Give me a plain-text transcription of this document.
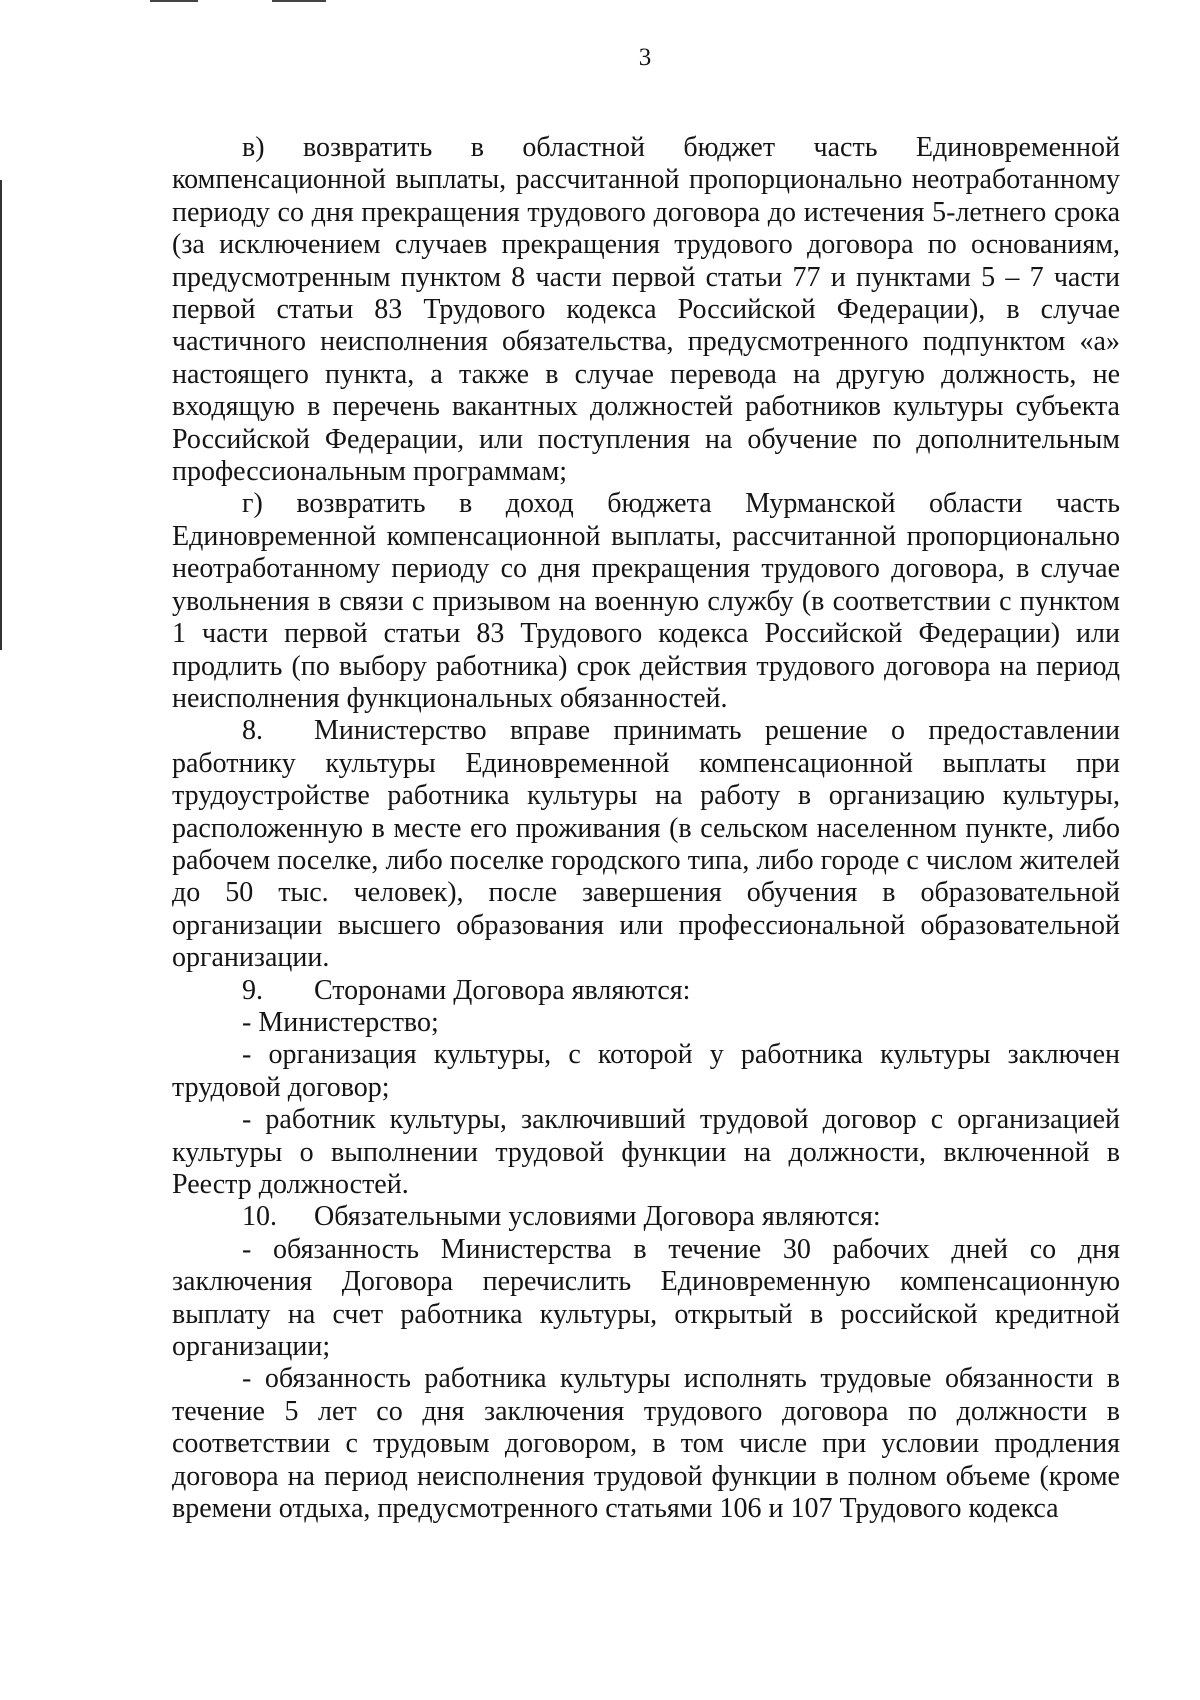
3

в) возвратить в областной бюджет часть Единовременной компенсационной выплаты, рассчитанной пропорционально неотработанному периоду со дня прекращения трудового договора до истечения 5-летнего срока (за исключением случаев прекращения трудового договора по основаниям, предусмотренным пунктом 8 части первой статьи 77 и пунктами 5 – 7 части первой статьи 83 Трудового кодекса Российской Федерации), в случае частичного неисполнения обязательства, предусмотренного подпунктом «а» настоящего пункта, а также в случае перевода на другую должность, не входящую в перечень вакантных должностей работников культуры субъекта Российской Федерации, или поступления на обучение по дополнительным профессиональным программам;

г) возвратить в доход бюджета Мурманской области часть Единовременной компенсационной выплаты, рассчитанной пропорционально неотработанному периоду со дня прекращения трудового договора, в случае увольнения в связи с призывом на военную службу (в соответствии с пунктом 1 части первой статьи 83 Трудового кодекса Российской Федерации) или продлить (по выбору работника) срок действия трудового договора на период неисполнения функциональных обязанностей.

8. Министерство вправе принимать решение о предоставлении работнику культуры Единовременной компенсационной выплаты при трудоустройстве работника культуры на работу в организацию культуры, расположенную в месте его проживания (в сельском населенном пункте, либо рабочем поселке, либо поселке городского типа, либо городе с числом жителей до 50 тыс. человек), после завершения обучения в образовательной организации высшего образования или профессиональной образовательной организации.

9. Сторонами Договора являются:

- Министерство;

- организация культуры, с которой у работника культуры заключен трудовой договор;

- работник культуры, заключивший трудовой договор с организацией культуры о выполнении трудовой функции на должности, включенной в Реестр должностей.

10. Обязательными условиями Договора являются:

- обязанность Министерства в течение 30 рабочих дней со дня заключения Договора перечислить Единовременную компенсационную выплату на счет работника культуры, открытый в российской кредитной организации;

- обязанность работника культуры исполнять трудовые обязанности в течение 5 лет со дня заключения трудового договора по должности в соответствии с трудовым договором, в том числе при условии продления договора на период неисполнения трудовой функции в полном объеме (кроме времени отдыха, предусмотренного статьями 106 и 107 Трудового кодекса
